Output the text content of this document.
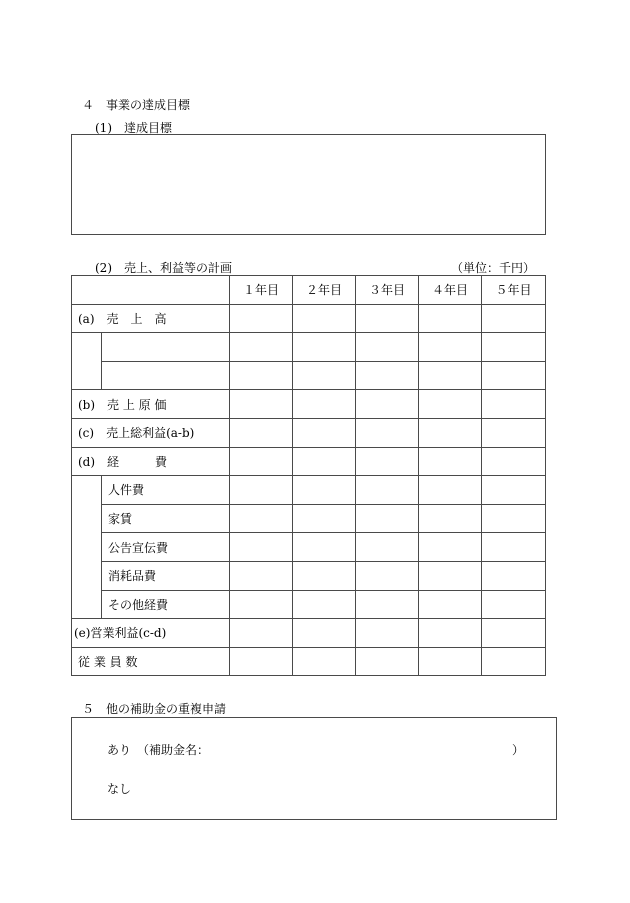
４　事業の達成目標
(1)　達成目標
(2)　売上、利益等の計画	（単位：千円）
		１年目	２年目	３年目	４年目	５年目
(a)　売　上　高						

(b)　売 上 原 価						
(c)　売上総利益(a-b)						
(d)　経　　　費						
	人件費					
	家賃					
	公告宣伝費					
	消耗品費					
	その他経費					
(e)営業利益(c-d)						
従 業 員 数						
５　他の補助金の重複申請
あり　（補助金名：	）
なし
